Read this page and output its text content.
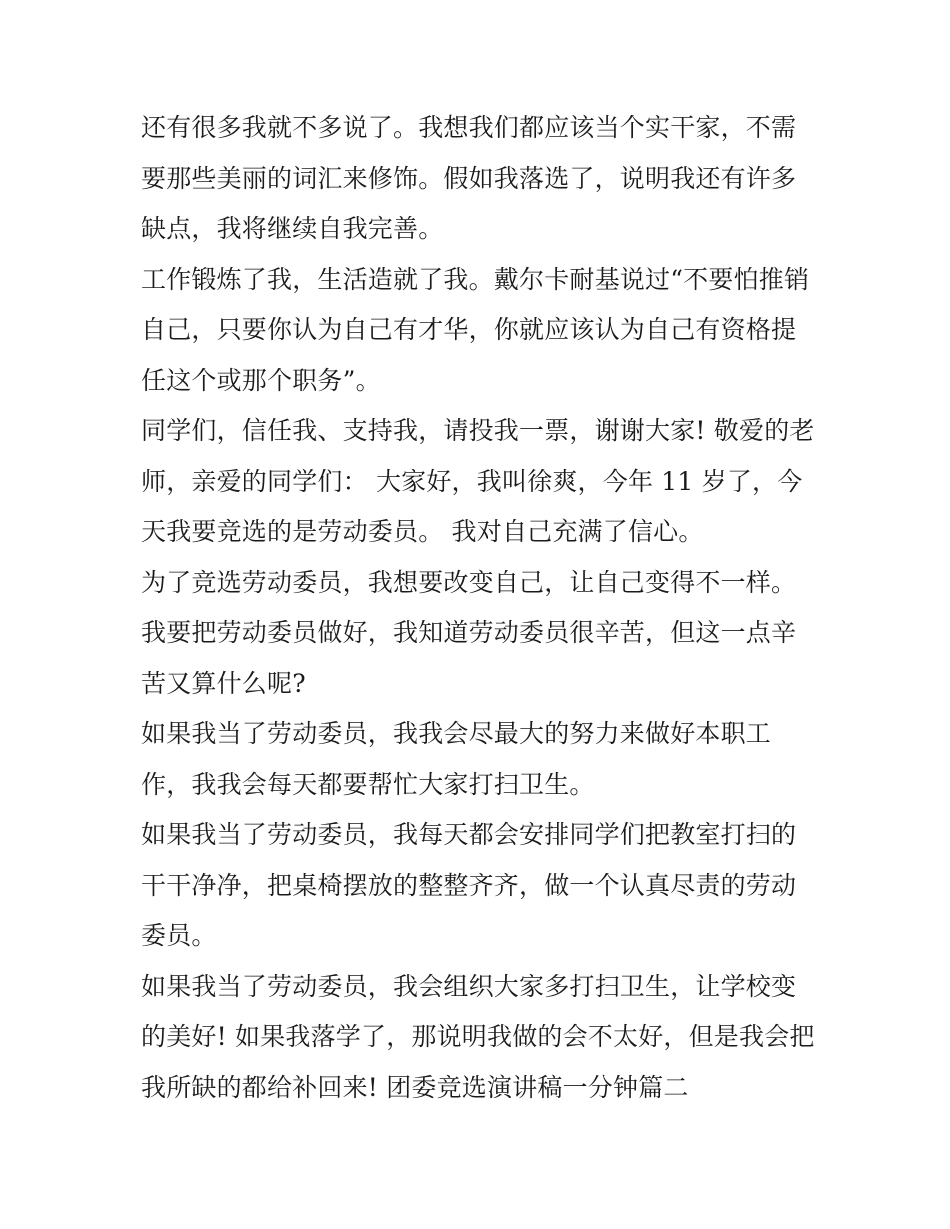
还有很多我就不多说了。我想我们都应该当个实干家，不需要那些美丽的词汇来修饰。假如我落选了，说明我还有许多缺点，我将继续自我完善。

工作锻炼了我，生活造就了我。戴尔卡耐基说过“不要怕推销自己，只要你认为自己有才华，你就应该认为自己有资格提任这个或那个职务”。

同学们，信任我、支持我，请投我一票，谢谢大家! 敬爱的老师，亲爱的同学们： 大家好，我叫徐爽，今年 11 岁了，今天我要竞选的是劳动委员。 我对自己充满了信心。

为了竞选劳动委员，我想要改变自己，让自己变得不一样。我要把劳动委员做好，我知道劳动委员很辛苦，但这一点辛苦又算什么呢?

如果我当了劳动委员，我我会尽最大的努力来做好本职工作，我我会每天都要帮忙大家打扫卫生。

如果我当了劳动委员，我每天都会安排同学们把教室打扫的干干净净，把桌椅摆放的整整齐齐，做一个认真尽责的劳动委员。

如果我当了劳动委员，我会组织大家多打扫卫生，让学校变的美好! 如果我落学了，那说明我做的会不太好，但是我会把我所缺的都给补回来! 团委竞选演讲稿一分钟篇二
